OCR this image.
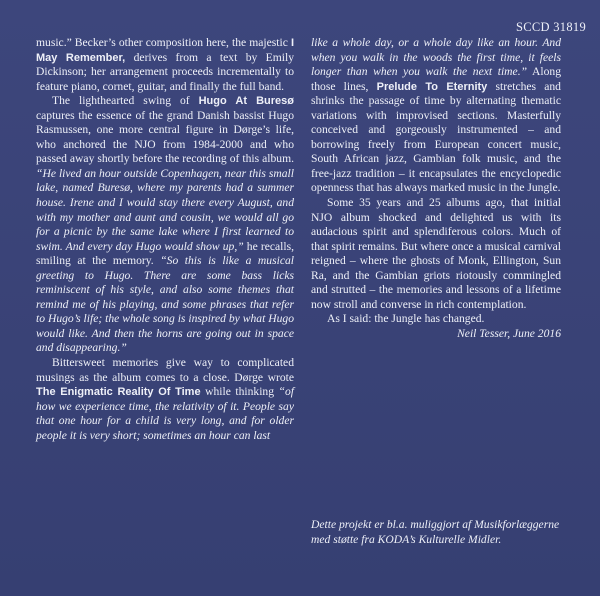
SCCD 31819

music.” Becker’s other composition here, the majestic I May Remember, derives from a text by Emily Dickinson; her arrangement proceeds incrementally to feature piano, cornet, guitar, and finally the full band.

The lighthearted swing of Hugo At Buresø captures the essence of the grand Danish bassist Hugo Rasmussen, one more central figure in Dørge’s life, who anchored the NJO from 1984-2000 and who passed away shortly before the recording of this album. “He lived an hour outside Copenhagen, near this small lake, named Buresø, where my parents had a summer house. Irene and I would stay there every August, and with my mother and aunt and cousin, we would all go for a picnic by the same lake where I first learned to swim. And every day Hugo would show up,” he recalls, smiling at the memory. “So this is like a musical greeting to Hugo. There are some bass licks reminiscent of his style, and also some themes that remind me of his playing, and some phrases that refer to Hugo’s life; the whole song is inspired by what Hugo would like. And then the horns are going out in space and disappearing.”

Bittersweet memories give way to complicated musings as the album comes to a close. Dørge wrote The Enigmatic Reality Of Time while thinking “of how we experience time, the relativity of it. People say that one hour for a child is very long, and for older people it is very short; sometimes an hour can last

like a whole day, or a whole day like an hour. And when you walk in the woods the first time, it feels longer than when you walk the next time.” Along those lines, Prelude To Eternity stretches and shrinks the passage of time by alternating thematic variations with improvised sections. Masterfully conceived and gorgeously instrumented – and borrowing freely from European concert music, South African jazz, Gambian folk music, and the free-jazz tradition – it encapsulates the encyclopedic openness that has always marked music in the Jungle.

Some 35 years and 25 albums ago, that initial NJO album shocked and delighted us with its audacious spirit and splendiferous colors. Much of that spirit remains. But where once a musical carnival reigned – where the ghosts of Monk, Ellington, Sun Ra, and the Gambian griots riotously commingled and strutted – the memories and lessons of a lifetime now stroll and converse in rich contemplation.

As I said: the Jungle has changed.

Neil Tesser, June 2016

Dette projekt er bl.a. muliggjort af Musikforlæggerne med støtte fra KODA’s Kulturelle Midler.
